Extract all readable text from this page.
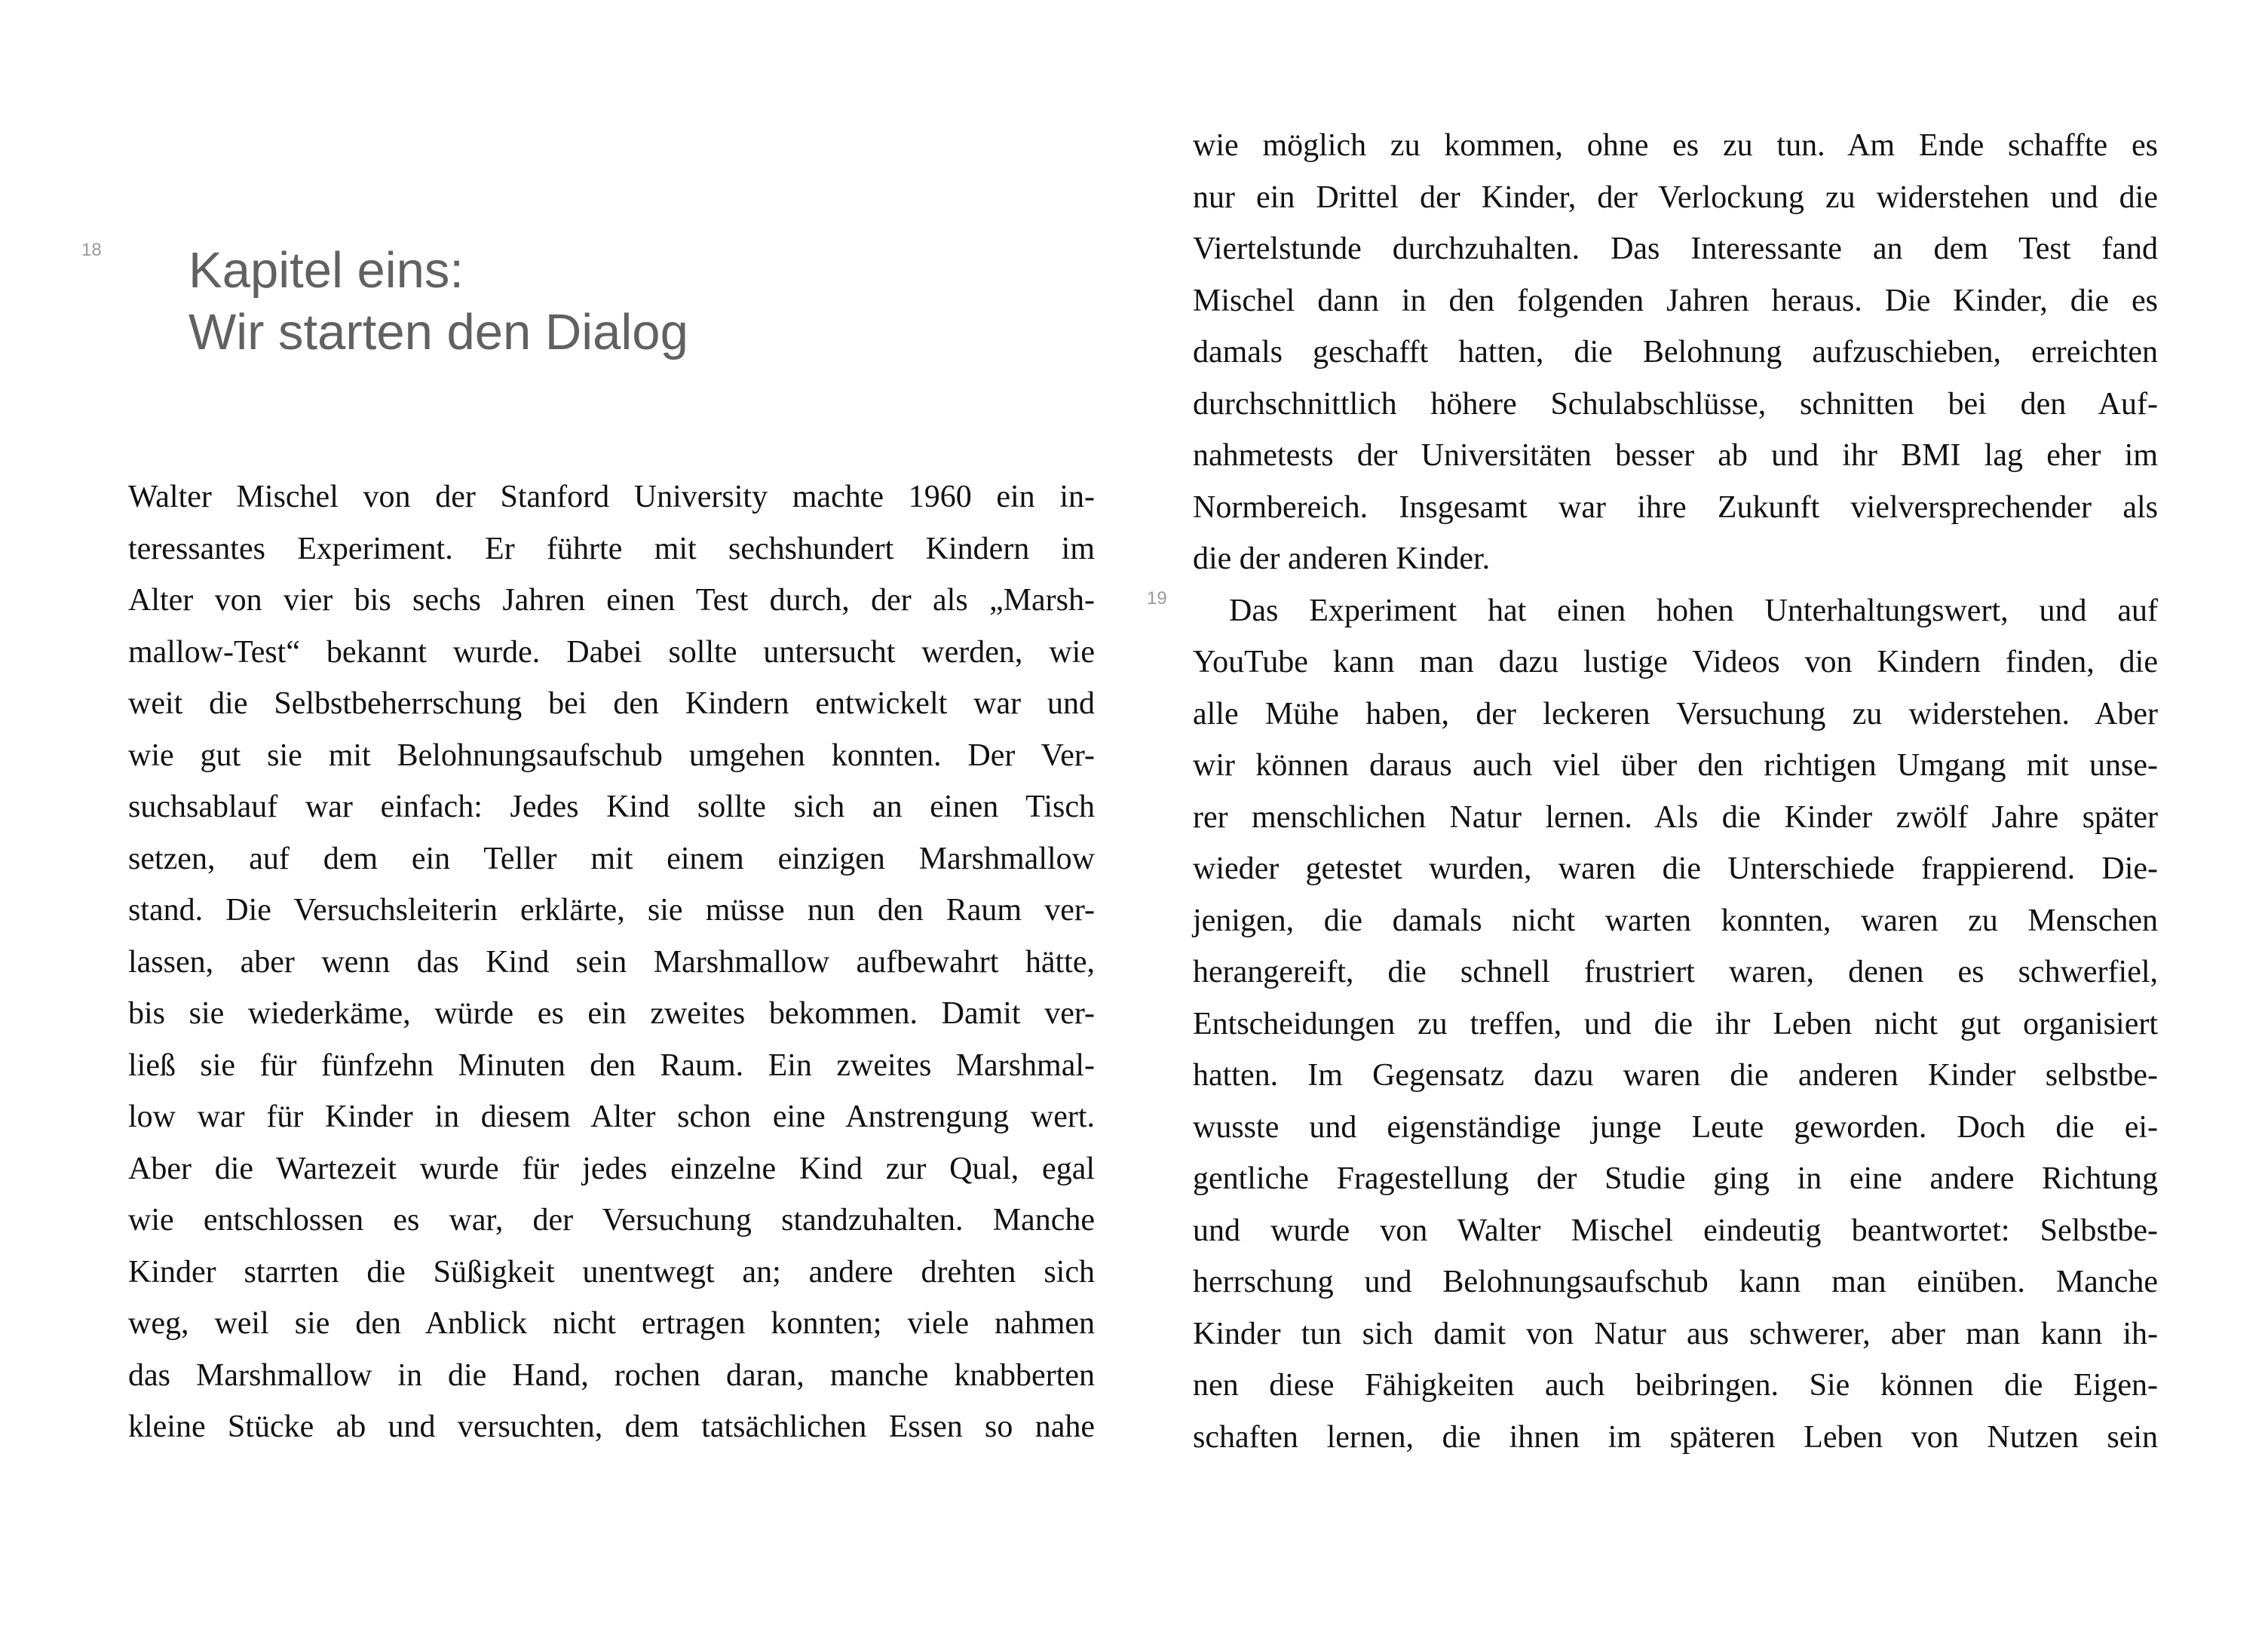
18 Kapitel eins:
Wir starten den Dialog
Walter Mischel von der Stanford University machte 1960 ein in-
teressantes Experiment. Er führte mit sechshundert Kindern im
Alter von vier bis sechs Jahren einen Test durch, der als „Marsh-
mallow-Test“ bekannt wurde. Dabei sollte untersucht werden, wie
weit die Selbstbeherrschung bei den Kindern entwickelt war und
wie gut sie mit Belohnungsaufschub umgehen konnten. Der Ver-
suchsablauf war einfach: Jedes Kind sollte sich an einen Tisch
setzen, auf dem ein Teller mit einem einzigen Marshmallow
stand. Die Versuchsleiterin erklärte, sie müsse nun den Raum ver-
lassen, aber wenn das Kind sein Marshmallow aufbewahrt hätte,
bis sie wiederkäme, würde es ein zweites bekommen. Damit ver-
ließ sie für fünfzehn Minuten den Raum. Ein zweites Marshmal-
low war für Kinder in diesem Alter schon eine Anstrengung wert.
Aber die Wartezeit wurde für jedes einzelne Kind zur Qual, egal
wie entschlossen es war, der Versuchung standzuhalten. Manche
Kinder starrten die Süßigkeit unentwegt an; andere drehten sich
weg, weil sie den Anblick nicht ertragen konnten; viele nahmen
das Marshmallow in die Hand, rochen daran, manche knabberten
kleine Stücke ab und versuchten, dem tatsächlichen Essen so nahe
19
wie möglich zu kommen, ohne es zu tun. Am Ende schaffte es
nur ein Drittel der Kinder, der Verlockung zu widerstehen und die
Viertelstunde durchzuhalten. Das Interessante an dem Test fand
Mischel dann in den folgenden Jahren heraus. Die Kinder, die es
damals geschafft hatten, die Belohnung aufzuschieben, erreichten
durchschnittlich höhere Schulabschlüsse, schnitten bei den Auf-
nahmetests der Universitäten besser ab und ihr BMI lag eher im
Normbereich. Insgesamt war ihre Zukunft vielversprechender als
die der anderen Kinder.
Das Experiment hat einen hohen Unterhaltungswert, und auf
YouTube kann man dazu lustige Videos von Kindern finden, die
alle Mühe haben, der leckeren Versuchung zu widerstehen. Aber
wir können daraus auch viel über den richtigen Umgang mit unse-
rer menschlichen Natur lernen. Als die Kinder zwölf Jahre später
wieder getestet wurden, waren die Unterschiede frappierend. Die-
jenigen, die damals nicht warten konnten, waren zu Menschen
herangereift, die schnell frustriert waren, denen es schwerfiel,
Entscheidungen zu treffen, und die ihr Leben nicht gut organisiert
hatten. Im Gegensatz dazu waren die anderen Kinder selbstbe-
wusste und eigenständige junge Leute geworden. Doch die ei-
gentliche Fragestellung der Studie ging in eine andere Richtung
und wurde von Walter Mischel eindeutig beantwortet: Selbstbe-
herrschung und Belohnungsaufschub kann man einüben. Manche
Kinder tun sich damit von Natur aus schwerer, aber man kann ih-
nen diese Fähigkeiten auch beibringen. Sie können die Eigen-
schaften lernen, die ihnen im späteren Leben von Nutzen sein
